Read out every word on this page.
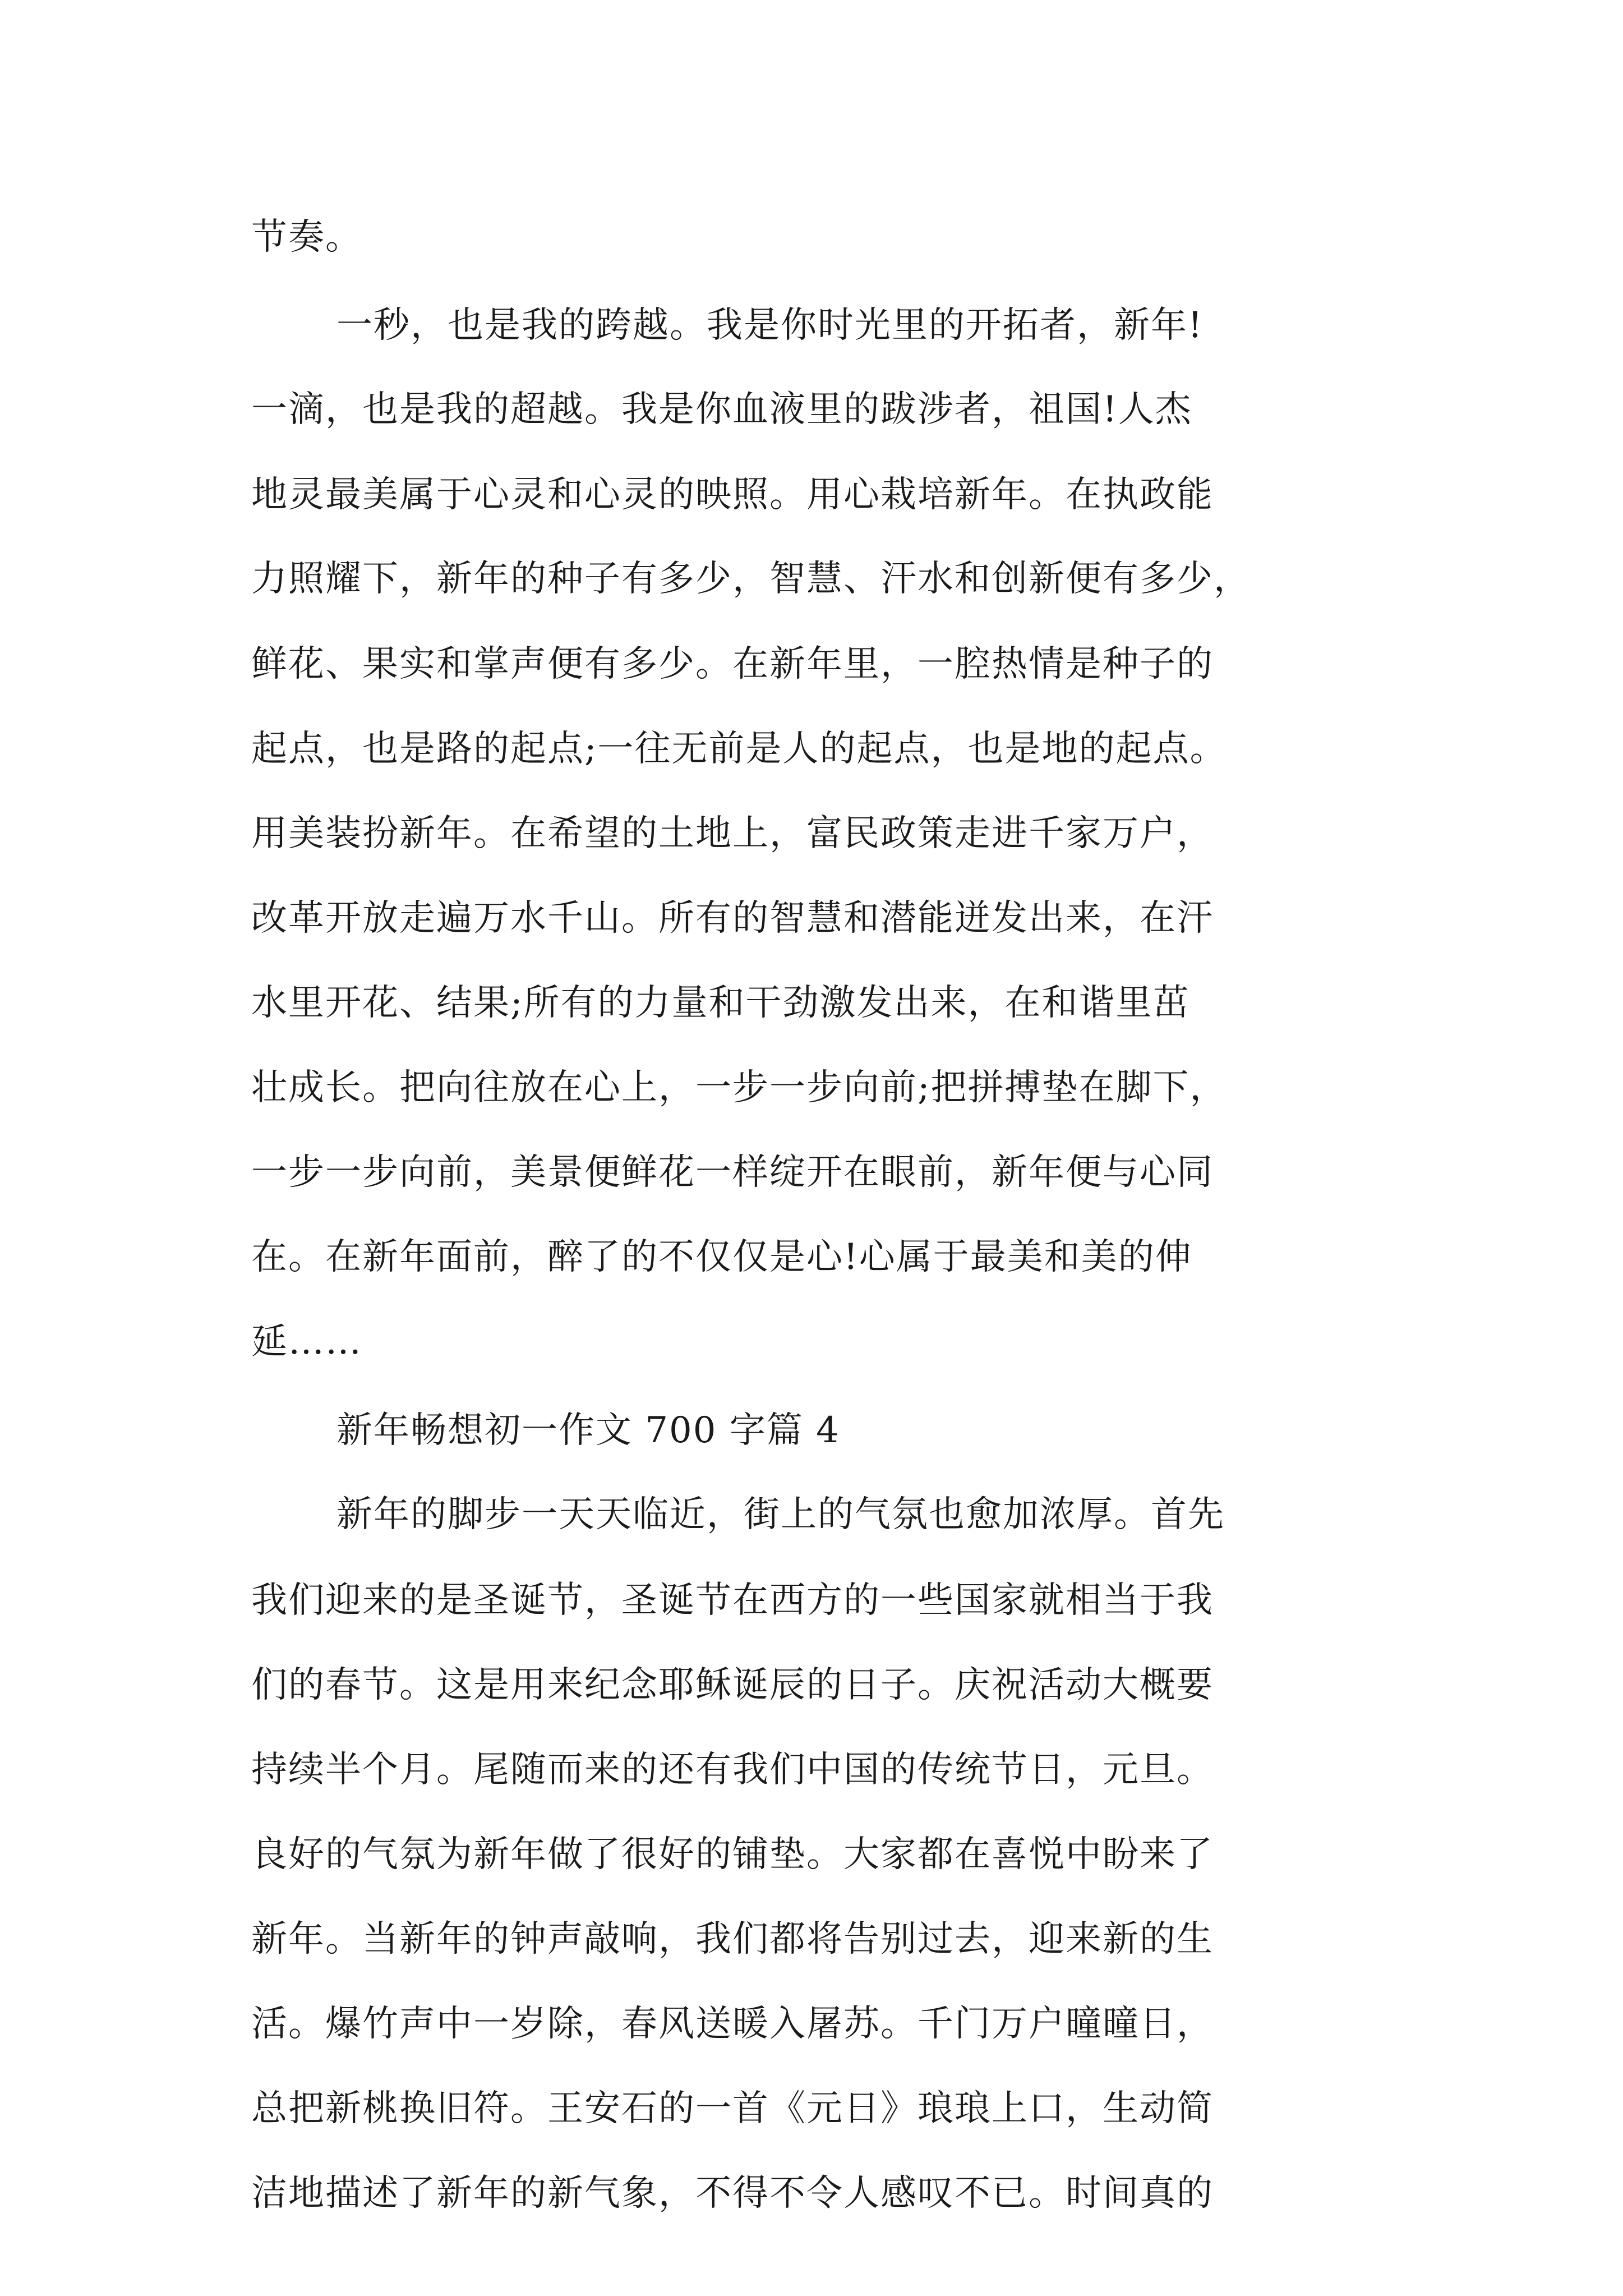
节奏。
一秒，也是我的跨越。我是你时光里的开拓者，新年!
一滴，也是我的超越。我是你血液里的跋涉者，祖国!人杰
地灵最美属于心灵和心灵的映照。用心栽培新年。在执政能
力照耀下，新年的种子有多少，智慧、汗水和创新便有多少，
鲜花、果实和掌声便有多少。在新年里，一腔热情是种子的
起点，也是路的起点;一往无前是人的起点，也是地的起点。
用美装扮新年。在希望的土地上，富民政策走进千家万户，
改革开放走遍万水千山。所有的智慧和潜能迸发出来，在汗
水里开花、结果;所有的力量和干劲激发出来，在和谐里茁
壮成长。把向往放在心上，一步一步向前;把拼搏垫在脚下，
一步一步向前，美景便鲜花一样绽开在眼前，新年便与心同
在。在新年面前，醉了的不仅仅是心!心属于最美和美的伸
延……
新年畅想初一作文 700 字篇 4
新年的脚步一天天临近，街上的气氛也愈加浓厚。首先
我们迎来的是圣诞节，圣诞节在西方的一些国家就相当于我
们的春节。这是用来纪念耶稣诞辰的日子。庆祝活动大概要
持续半个月。尾随而来的还有我们中国的传统节日，元旦。
良好的气氛为新年做了很好的铺垫。大家都在喜悦中盼来了
新年。当新年的钟声敲响，我们都将告别过去，迎来新的生
活。爆竹声中一岁除，春风送暖入屠苏。千门万户曈曈日，
总把新桃换旧符。王安石的一首《元日》琅琅上口，生动简
洁地描述了新年的新气象，不得不令人感叹不已。时间真的
